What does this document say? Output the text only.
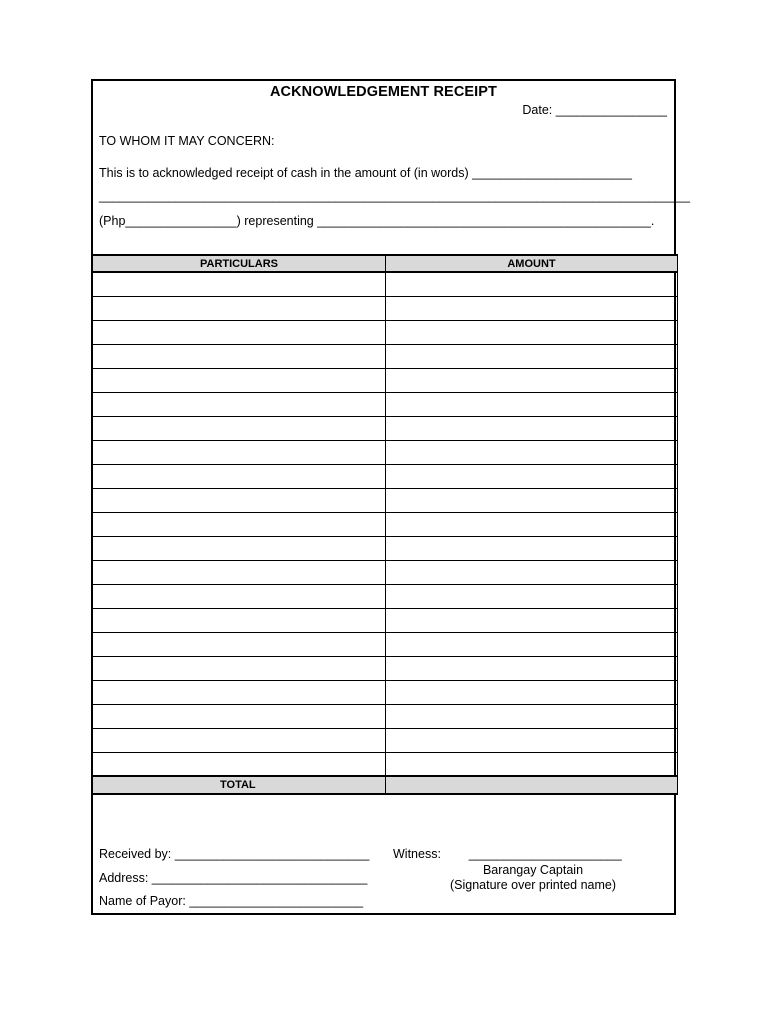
ACKNOWLEDGEMENT RECEIPT
Date: ________________
TO WHOM IT MAY CONCERN:
This is to acknowledged receipt of cash in the amount of (in words) _______________________
_____________________________________________________________________________________
(Php________________) representing ________________________________________________.
PARTICULARS	AMOUNT

TOTAL	
Received by: ____________________________
Address: _______________________________
Name of Payor: _________________________
Witness:        ______________________
Barangay Captain
(Signature over printed name)
